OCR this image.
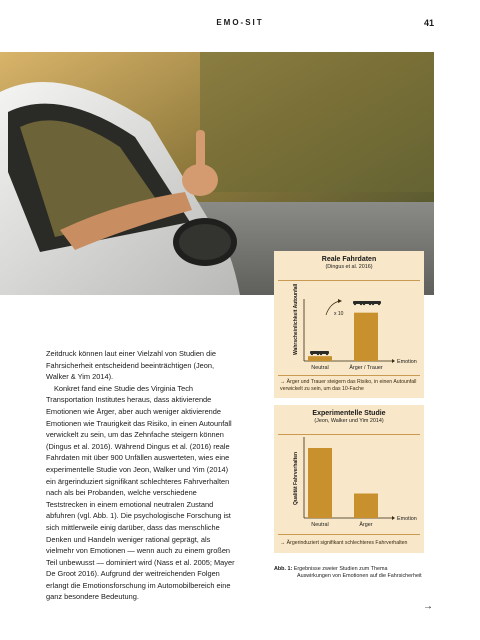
EMO-SIT	41

Zeitdruck können laut einer Vielzahl von Studien die Fahrsicherheit entscheidend beeinträchtigen (Jeon, Walker & Yim 2014).

Konkret fand eine Studie des Virginia Tech Transportation Institutes heraus, dass aktivierende Emotionen wie Ärger, aber auch weniger aktivierende Emotionen wie Traurigkeit das Risiko, in einen Autounfall verwickelt zu sein, um das Zehnfache steigern können (Dingus et al. 2016). Während Dingus et al. (2016) reale Fahrdaten mit über 900 Unfällen auswerteten, wies eine experimentelle Studie von Jeon, Walker und Yim (2014) ein ärgerinduziert signifikant schlechteres Fahrverhalten nach als bei Probanden, welche verschiedene Teststrecken in einem emotional neutralen Zustand abfuhren (vgl. Abb. 1). Die psychologische Forschung ist sich mittlerweile einig darüber, dass das menschliche Denken und Handeln weniger rational geprägt, als vielmehr von Emotionen — wenn auch zu einem großen Teil unbewusst — dominiert wird (Nass et al. 2005; Mayer De Groot 2016). Aufgrund der weitreichenden Folgen erlangt die Emotionsforschung im Automobilbereich eine ganz besondere Bedeutung.

Reale Fahrdaten
(Dingus et al. 2016)
Neutral	Ärger / Trauer
Emotion
x 10
Wahrscheinlichkeit Autounfall
→ Ärger und Trauer steigern das Risiko, in einen Autounfall verwickelt zu sein, um das 10-Fache
Experimentelle Studie
(Jeon, Walker und Yim 2014)
Neutral	Ärger
Emotion
Qualität Fahrverhalten
→ Ärgerinduziert signifikant schlechteres Fahrverhalten
Abb. 1: Ergebnisse zweier Studien zum Thema
Auswirkungen von Emotionen auf die Fahrsicherheit
→
